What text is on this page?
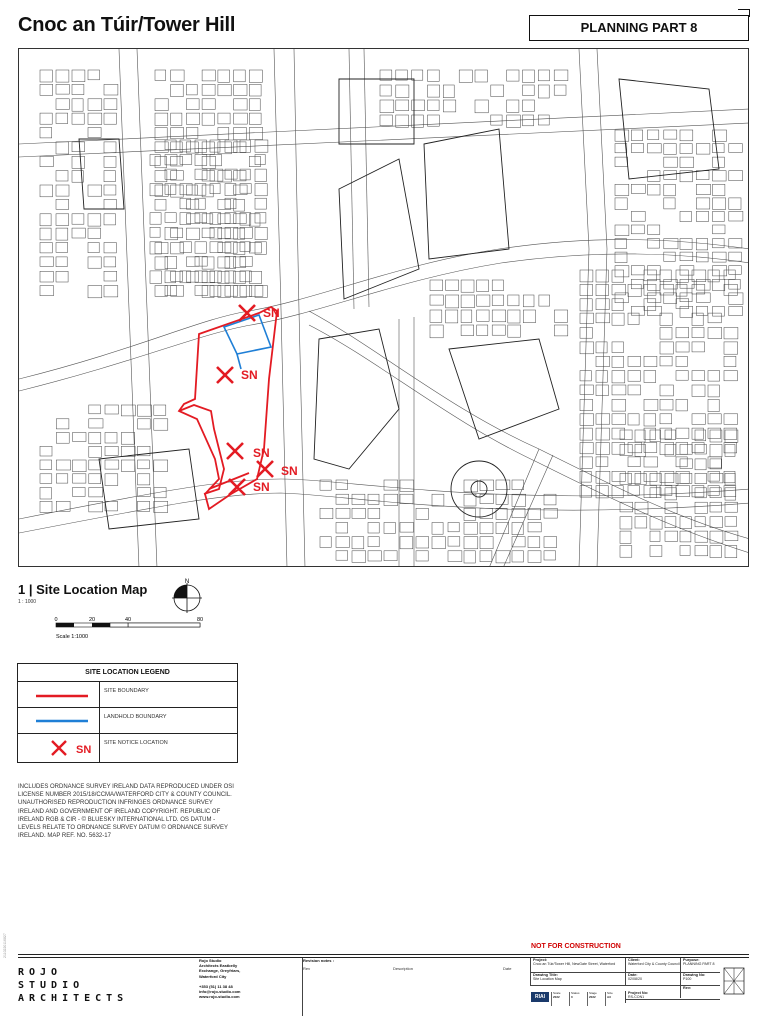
Cnoc an Túir/Tower Hill	PLANNING PART 8
SN
SN
SN
SN
SN
1 | Site Location Map
1 : 1000
N
0	20	40	80
Scale 1:1000
SITE LOCATION LEGEND
SITE BOUNDARY
LANDHOLD BOUNDARY
SN
SITE NOTICE LOCATION
INCLUDES ORDNANCE SURVEY IRELAND DATA REPRODUCED UNDER OSI LICENSE NUMBER 2015/18/CCMA/WATERFORD CITY & COUNTY COUNCIL. UNAUTHORISED REPRODUCTION INFRINGES ORDNANCE SURVEY IRELAND AND GOVERNMENT OF IRELAND COPYRIGHT. REPUBLIC OF IRELAND RGB & CIR - © BLUESKY INTERNATIONAL LTD. OS DATUM - LEVELS RELATE TO ORDNANCE SURVEY DATUM © ORDNANCE SURVEY IRELAND. MAP REF. NO. 5632-17
2110220116827	NOT FOR CONSTRUCTION
ROJO
STUDIO
ARCHITECTS
Rojo Studio
Architects Eastbelly
Exchange, Greyfriars,
Waterford City
+353 (51) 11 38 48
info@rojo-studio.com
www.rojo-studio.com
Revision notes :
Rev	Description	Date
Project:
Cnoc an Túir/Tower Hill, NewGate Street, Waterford
Client:
Waterford City & County Council
Purpose:
PLANNING PART 8
Drawing Title:
Site Location Map
Date:
02/08/20
Drawing No:
P100
Project No:
RS-CON1
Rev:
RIAI
Scale
2022
Status
0
Stage
2022
Size
A3
